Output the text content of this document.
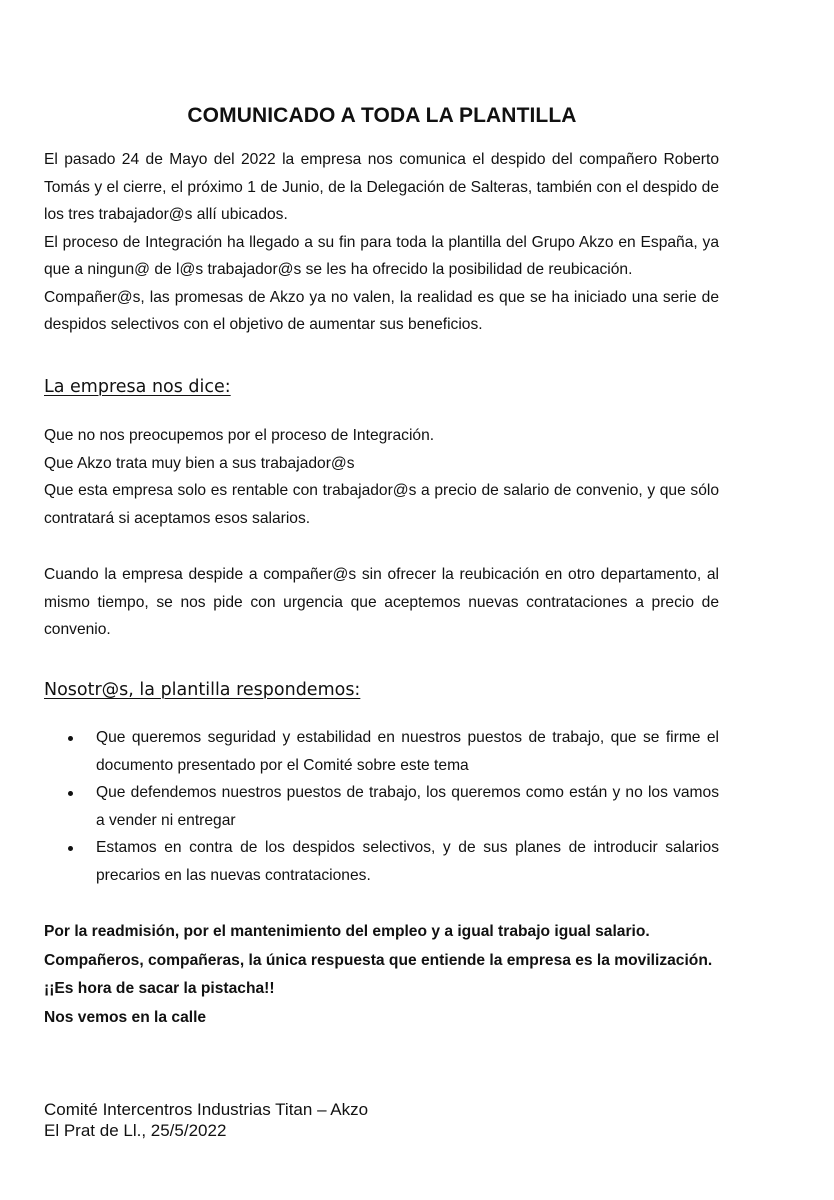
COMUNICADO A TODA LA PLANTILLA

El pasado 24 de Mayo del 2022 la empresa nos comunica el despido del compañero Roberto Tomás y el cierre, el próximo 1 de Junio, de la Delegación de Salteras, también con el despido de los tres trabajador@s allí ubicados.

El proceso de Integración ha llegado a su fin para toda la plantilla del Grupo Akzo en España, ya que a ningun@ de l@s trabajador@s se les ha ofrecido la posibilidad de reubicación.

Compañer@s, las promesas de Akzo ya no valen, la realidad es que se ha iniciado una serie de despidos selectivos con el objetivo de aumentar sus beneficios.

La empresa nos dice:

Que no nos preocupemos por el proceso de Integración.

Que Akzo trata muy bien a sus trabajador@s

Que esta empresa solo es rentable con trabajador@s a precio de salario de convenio, y que sólo contratará si aceptamos esos salarios.

Cuando la empresa despide a compañer@s sin ofrecer la reubicación en otro departamento, al mismo tiempo, se nos pide con urgencia que aceptemos nuevas contrataciones a precio de convenio.

Nosotr@s, la plantilla respondemos:
Que queremos seguridad y estabilidad en nuestros puestos de trabajo, que se firme el documento presentado por el Comité sobre este tema
Que defendemos nuestros puestos de trabajo, los queremos como están y no los vamos a vender ni entregar
Estamos en contra de los despidos selectivos, y de sus planes de introducir salarios precarios en las nuevas contrataciones.

Por la readmisión, por el mantenimiento del empleo y a igual trabajo igual salario.

Compañeros, compañeras, la única respuesta que entiende la empresa es la movilización.

¡¡Es hora de sacar la pistacha!!

Nos vemos en la calle

Comité Intercentros Industrias Titan – Akzo

El Prat de Ll., 25/5/2022
